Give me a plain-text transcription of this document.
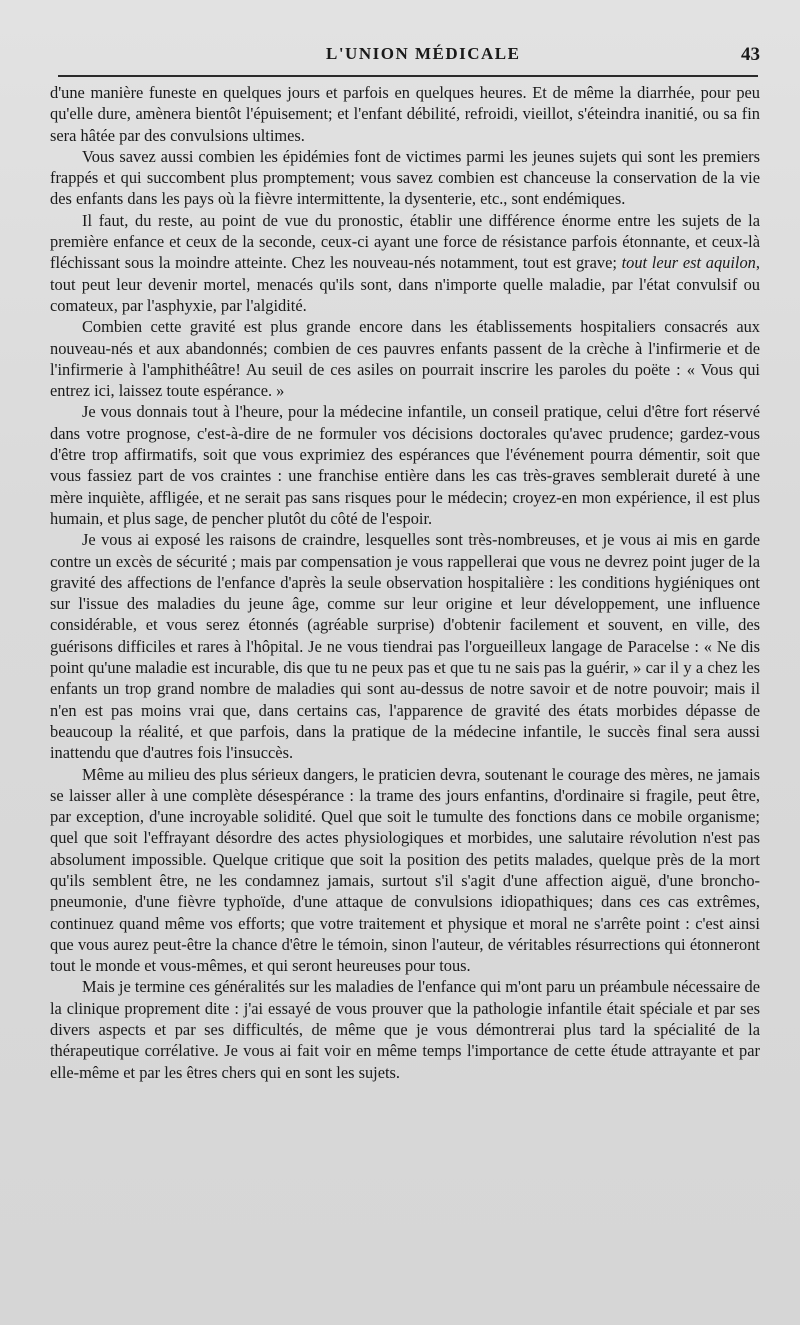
L'UNION MÉDICALE	43

d'une manière funeste en quelques jours et parfois en quelques heures. Et de même la diarrhée, pour peu qu'elle dure, amènera bientôt l'épuisement; et l'enfant débilité, refroidi, vieillot, s'éteindra inanitié, ou sa fin sera hâtée par des convulsions ultimes.

Vous savez aussi combien les épidémies font de victimes parmi les jeunes sujets qui sont les premiers frappés et qui succombent plus promptement; vous savez combien est chanceuse la conservation de la vie des enfants dans les pays où la fièvre intermittente, la dysenterie, etc., sont endémiques.

Il faut, du reste, au point de vue du pronostic, établir une différence énorme entre les sujets de la première enfance et ceux de la seconde, ceux-ci ayant une force de résistance parfois étonnante, et ceux-là fléchissant sous la moindre atteinte. Chez les nouveau-nés notamment, tout est grave; tout leur est aquilon, tout peut leur devenir mortel, menacés qu'ils sont, dans n'importe quelle maladie, par l'état convulsif ou comateux, par l'asphyxie, par l'algidité.

Combien cette gravité est plus grande encore dans les établissements hospitaliers consacrés aux nouveau-nés et aux abandonnés; combien de ces pauvres enfants passent de la crèche à l'infirmerie et de l'infirmerie à l'amphithéâtre! Au seuil de ces asiles on pourrait inscrire les paroles du poëte : « Vous qui entrez ici, laissez toute espérance. »

Je vous donnais tout à l'heure, pour la médecine infantile, un conseil pratique, celui d'être fort réservé dans votre prognose, c'est-à-dire de ne formuler vos décisions doctorales qu'avec prudence; gardez-vous d'être trop affirmatifs, soit que vous exprimiez des espérances que l'événement pourra démentir, soit que vous fassiez part de vos craintes : une franchise entière dans les cas très-graves semblerait dureté à une mère inquiète, affligée, et ne serait pas sans risques pour le médecin; croyez-en mon expérience, il est plus humain, et plus sage, de pencher plutôt du côté de l'espoir.

Je vous ai exposé les raisons de craindre, lesquelles sont très-nombreuses, et je vous ai mis en garde contre un excès de sécurité ; mais par compensation je vous rappellerai que vous ne devrez point juger de la gravité des affections de l'enfance d'après la seule observation hospitalière : les conditions hygiéniques ont sur l'issue des maladies du jeune âge, comme sur leur origine et leur développement, une influence considérable, et vous serez étonnés (agréable surprise) d'obtenir facilement et souvent, en ville, des guérisons difficiles et rares à l'hôpital. Je ne vous tiendrai pas l'orgueilleux langage de Paracelse : « Ne dis point qu'une maladie est incurable, dis que tu ne peux pas et que tu ne sais pas la guérir, » car il y a chez les enfants un trop grand nombre de maladies qui sont au-dessus de notre savoir et de notre pouvoir; mais il n'en est pas moins vrai que, dans certains cas, l'apparence de gravité des états morbides dépasse de beaucoup la réalité, et que parfois, dans la pratique de la médecine infantile, le succès final sera aussi inattendu que d'autres fois l'insuccès.

Même au milieu des plus sérieux dangers, le praticien devra, soutenant le courage des mères, ne jamais se laisser aller à une complète désespérance : la trame des jours enfantins, d'ordinaire si fragile, peut être, par exception, d'une incroyable solidité. Quel que soit le tumulte des fonctions dans ce mobile organisme; quel que soit l'effrayant désordre des actes physiologiques et morbides, une salutaire révolution n'est pas absolument impossible. Quelque critique que soit la position des petits malades, quelque près de la mort qu'ils semblent être, ne les condamnez jamais, surtout s'il s'agit d'une affection aiguë, d'une broncho-pneumonie, d'une fièvre typhoïde, d'une attaque de convulsions idiopathiques; dans ces cas extrêmes, continuez quand même vos efforts; que votre traitement et physique et moral ne s'arrête point : c'est ainsi que vous aurez peut-être la chance d'être le témoin, sinon l'auteur, de véritables résurrections qui étonneront tout le monde et vous-mêmes, et qui seront heureuses pour tous.

Mais je termine ces généralités sur les maladies de l'enfance qui m'ont paru un préambule nécessaire de la clinique proprement dite : j'ai essayé de vous prouver que la pathologie infantile était spéciale et par ses divers aspects et par ses difficultés, de même que je vous démontrerai plus tard la spécialité de la thérapeutique corrélative. Je vous ai fait voir en même temps l'importance de cette étude attrayante et par elle-même et par les êtres chers qui en sont les sujets.
